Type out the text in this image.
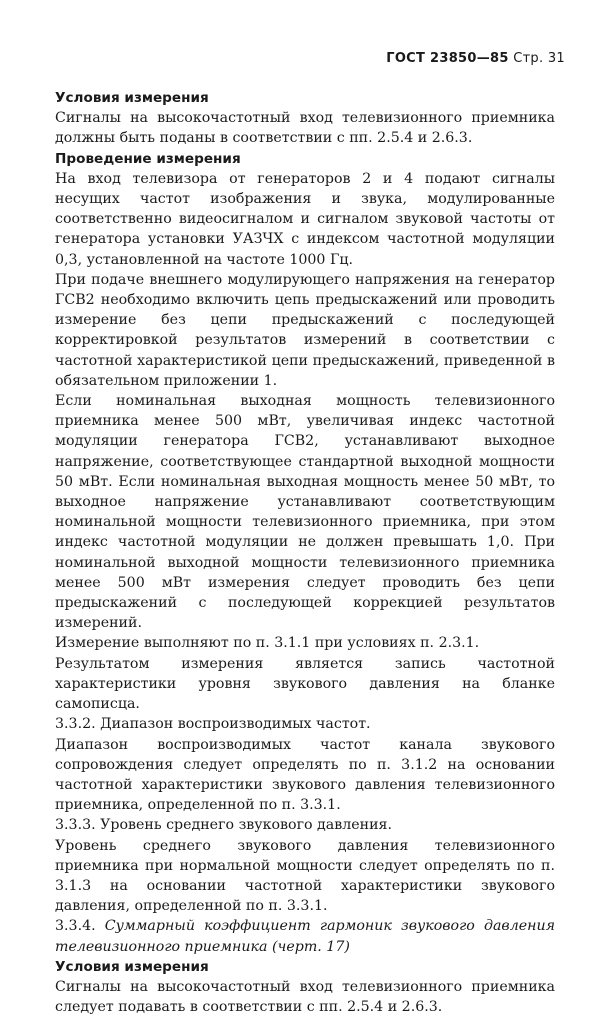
ГОСТ 23850—85 Стр. 31
Условия измерения

Сигналы на высокочастотный вход телевизионного приемника должны быть поданы в соответствии с пп. 2.5.4 и 2.6.3.

Проведение измерения

На вход телевизора от генераторов 2 и 4 подают сигналы несущих частот изображения и звука, модулированные соответственно видеосигналом и сигналом звуковой частоты от генератора установки УАЗЧХ с индексом частотной модуляции 0,3, установленной на частоте 1000 Гц.

При подаче внешнего модулирующего напряжения на генератор ГСВ2 необходимо включить цепь предыскажений или проводить измерение без цепи предыскажений с последующей корректировкой результатов измерений в соответствии с частотной характеристикой цепи предыскажений, приведенной в обязательном приложении 1.

Если номинальная выходная мощность телевизионного приемника менее 500 мВт, увеличивая индекс частотной модуляции генератора ГСВ2, устанавливают выходное напряжение, соответствующее стандартной выходной мощности 50 мВт. Если номинальная выходная мощность менее 50 мВт, то выходное напряжение устанавливают соответствующим номинальной мощности телевизионного приемника, при этом индекс частотной модуляции не должен превышать 1,0. При номинальной выходной мощности телевизионного приемника менее 500 мВт измерения следует проводить без цепи предыскажений с последующей коррекцией результатов измерений.

Измерение выполняют по п. 3.1.1 при условиях п. 2.3.1.

Результатом измерения является запись частотной характеристики уровня звукового давления на бланке самописца.

3.3.2. Диапазон воспроизводимых частот.

Диапазон воспроизводимых частот канала звукового сопровождения следует определять по п. 3.1.2 на основании частотной характеристики звукового давления телевизионного приемника, определенной по п. 3.3.1.

3.3.3. Уровень среднего звукового давления.

Уровень среднего звукового давления телевизионного приемника при нормальной мощности следует определять по п. 3.1.3 на основании частотной характеристики звукового давления, определенной по п. 3.3.1.

3.3.4. Суммарный коэффициент гармоник звукового давления телевизионного приемника (черт. 17)

Условия измерения

Сигналы на высокочастотный вход телевизионного приемника следует подавать в соответствии с пп. 2.5.4 и 2.6.3.
